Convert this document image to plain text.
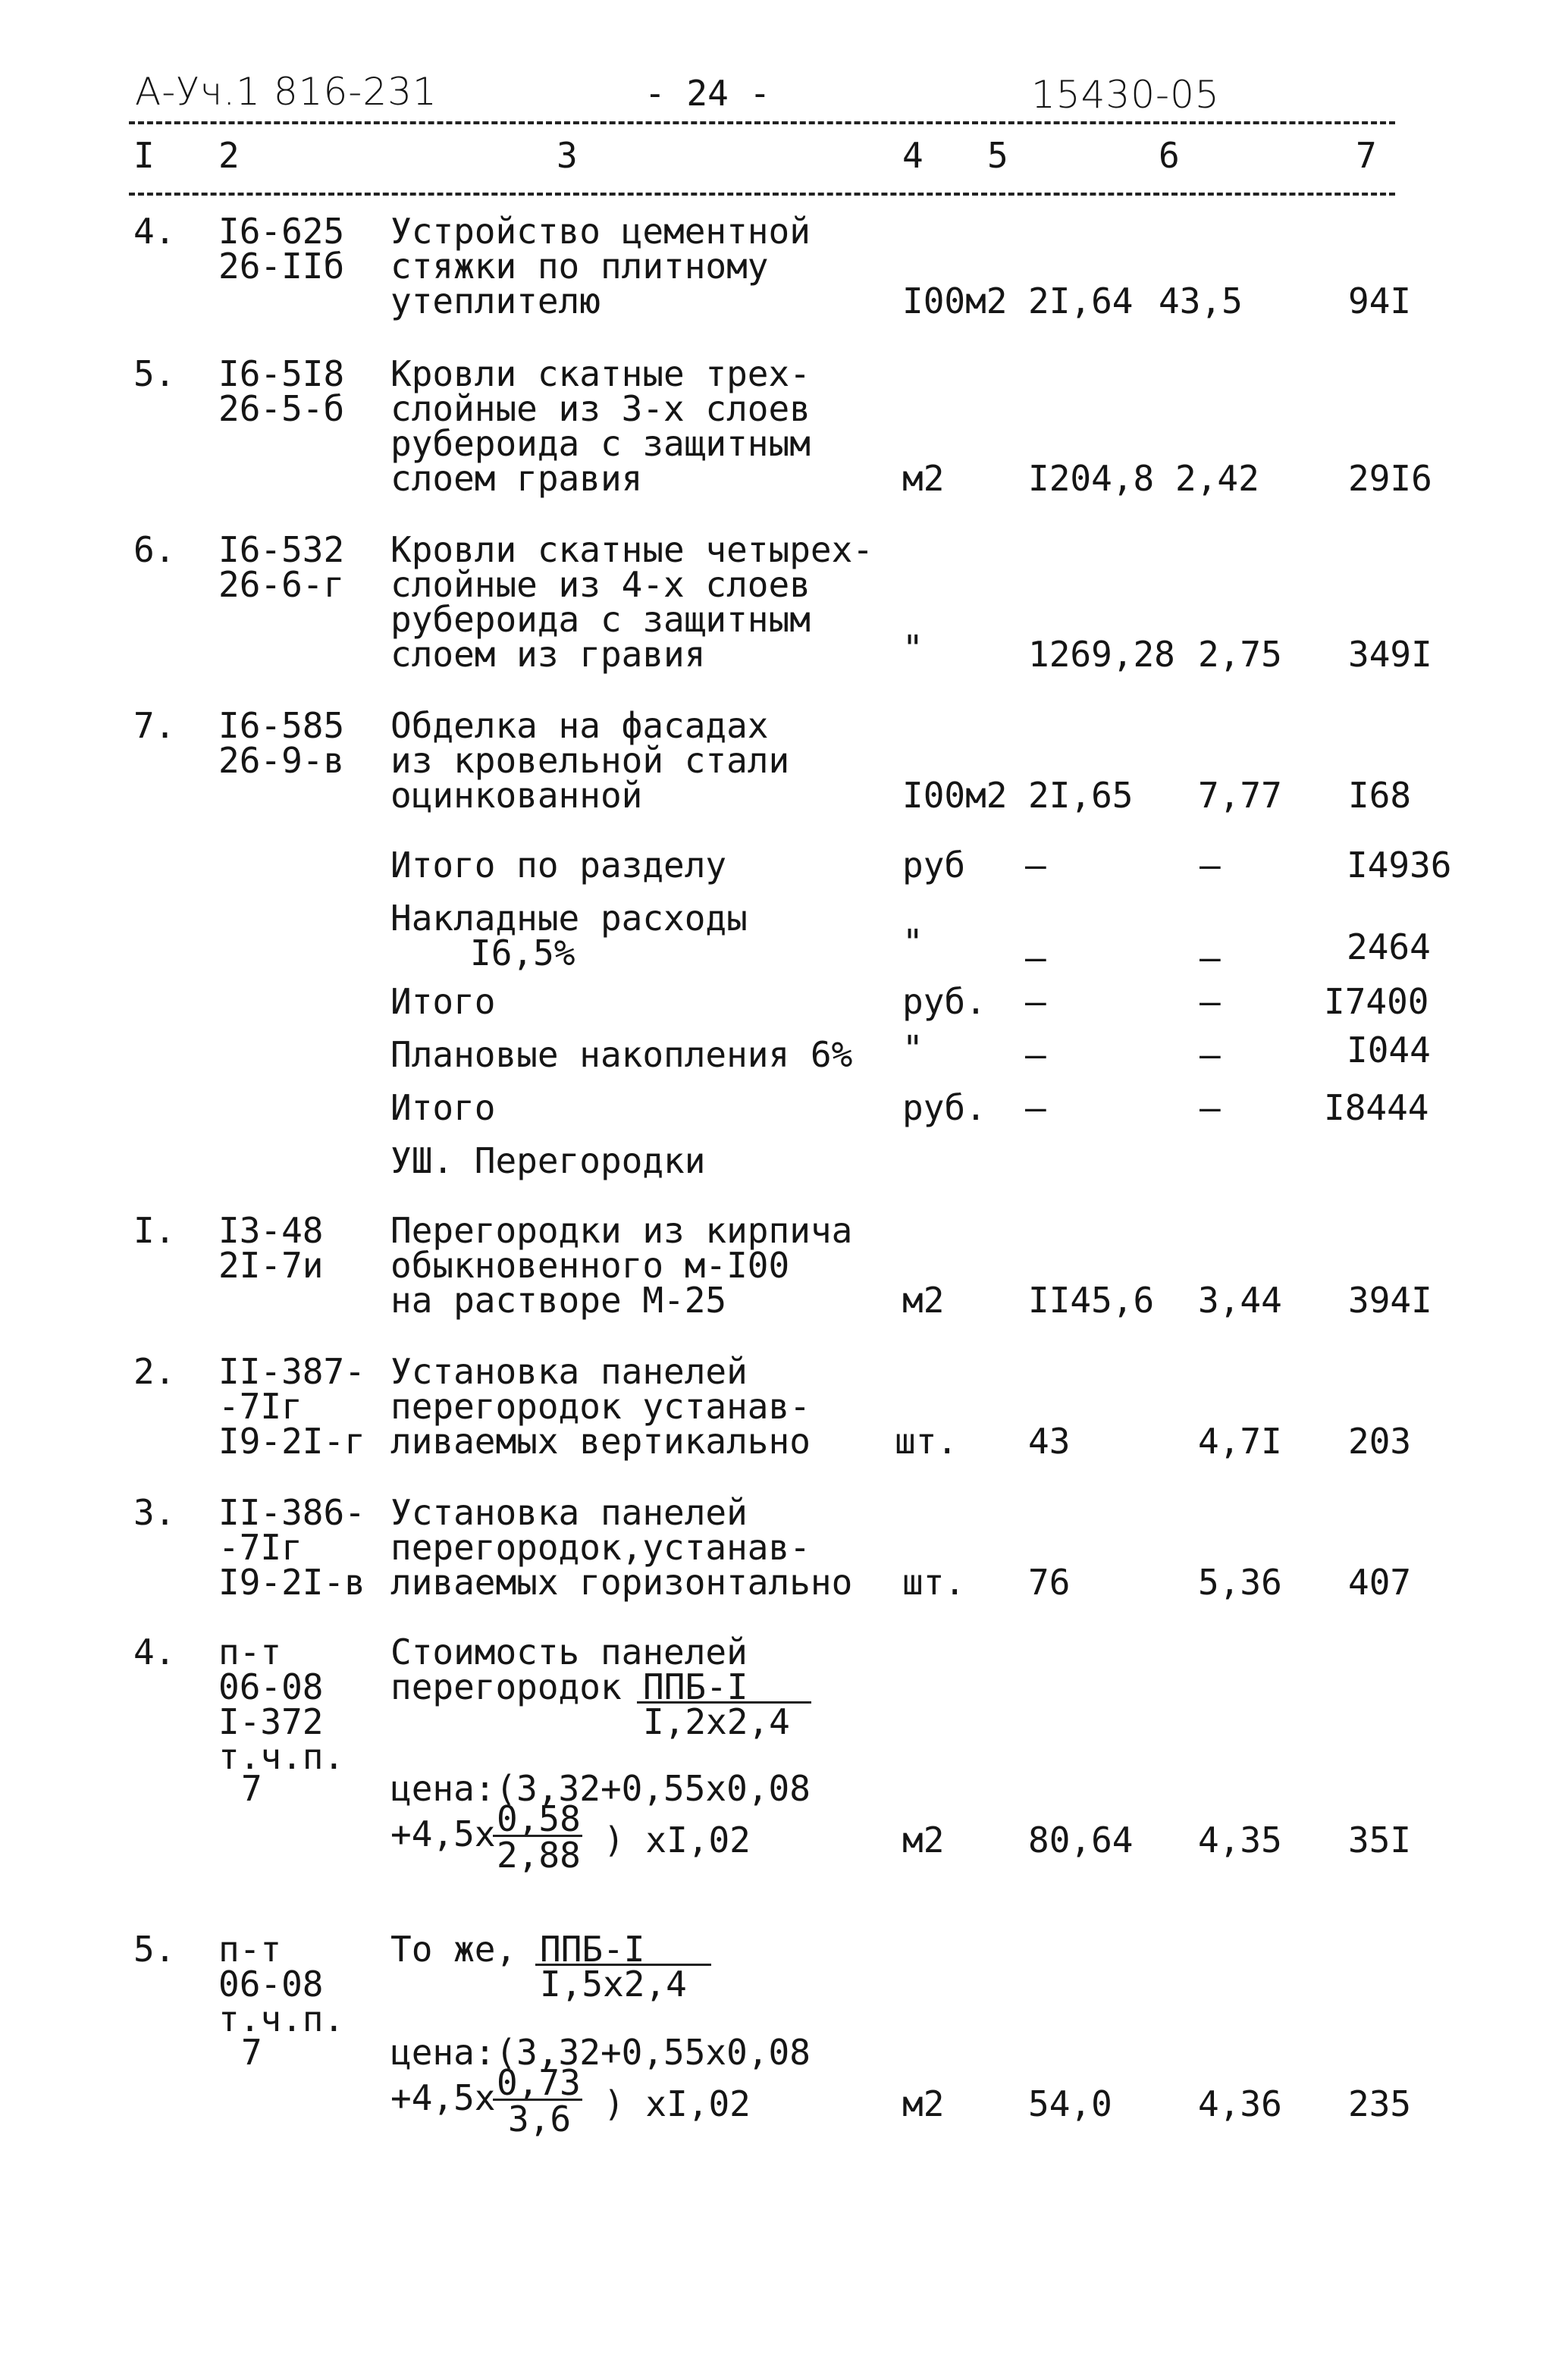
А-Уч.1 816-231	- 24 -	15430-05
I 2	3	4 5	6	7
4. I6-625
26-IIб
Устройство цементной
стяжки по плитному
утеплителю	I00м2 2I,64 43,5	94I
5. I6-5I8
26-5-б
Кровли скатные трех-
слойные из 3-х слоев
рубероида с защитным
слоем гравия	м2 I204,8 2,42	29I6
6. I6-532
26-6-г
Кровли скатные четырех-
слойные из 4-х слоев
рубероида с защитным
слоем из гравия	"	1269,28 2,75 349I
7. I6-585
26-9-в
Обделка на фасадах
из кровельной стали
оцинкованной	I00м2 2I,65 7,77 I68
Итого по разделу	руб –	–	I4936
Накладные расходы
I6,5%	"	–	–	2464
Итого	руб. –	–	I7400
Плановые накопления 6% "	–	–	I044
Итого	руб. –	–	I8444
УШ. Перегородки
I. I3-48
2I-7и
Перегородки из кирпича
обыкновенного м-I00
на растворе М-25	м2 II45,6 3,44 394I
2. II-387-
-7Iг
I9-2I-г
Установка панелей
перегородок устанав-
ливаемых вертикально шт. 43	4,7I 203
3. II-386-
-7Iг
I9-2I-в
Установка панелей
перегородок,устанав-
ливаемых горизонтально шт. 76	5,36 407
4. п-т
06-08
I-372
т.ч.п.
7
Стоимость панелей
перегородок ППБ-I
I,2x2,4
цена:(3,32+0,55x0,08
+4,5x 0,58
2,88 ) xI,02	м2 80,64 4,35 35I
5. п-т
06-08
т.ч.п.
7
То же, ППБ-I
I,5x2,4
цена:(3,32+0,55x0,08
+4,5x 0,73
3,6 ) xI,02	м2 54,0 4,36 235
